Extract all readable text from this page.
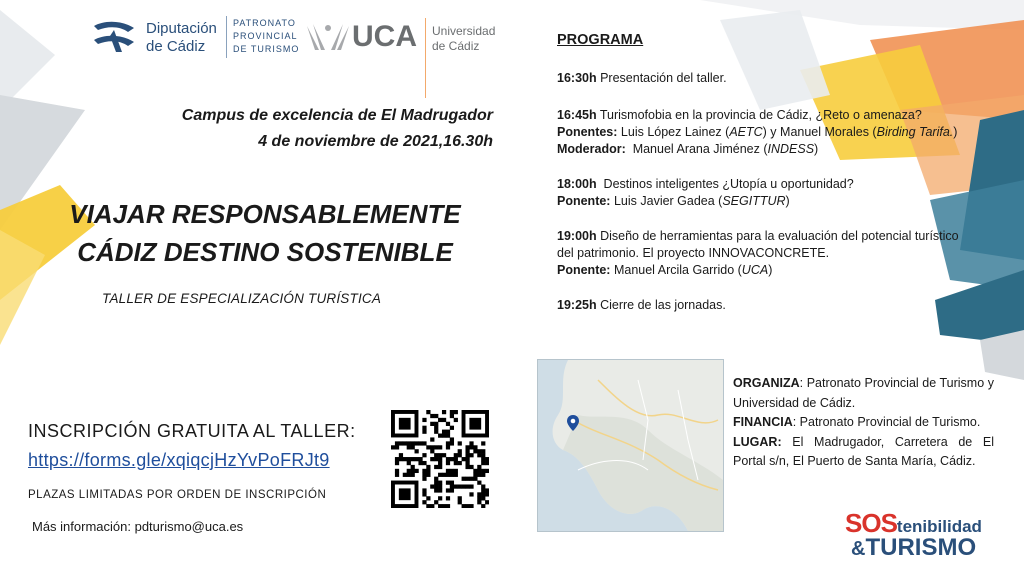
Diputación
de Cádiz
PATRONATO
PROVINCIAL
DE TURISMO UCA Universidad
de Cádiz
Campus de excelencia de El Madrugador
4 de noviembre de 2021,16.30h
VIAJAR RESPONSABLEMENTE
CÁDIZ DESTINO SOSTENIBLE
TALLER DE ESPECIALIZACIÓN TURÍSTICA
INSCRIPCIÓN GRATUITA AL TALLER:
https://forms.gle/xqiqcjHzYvPoFRJt9
PLAZAS LIMITADAS POR ORDEN DE INSCRIPCIÓN
Más información: pdturismo@uca.es
PROGRAMA

16:30h Presentación del taller.

16:45h Turismofobia en la provincia de Cádiz, ¿Reto o amenaza?

Ponentes: Luis López Lainez (AETC) y Manuel Morales (Birding Tarifa.)

Moderador:  Manuel Arana Jiménez (INDESS)

18:00h  Destinos inteligentes ¿Utopía u oportunidad?

Ponente: Luis Javier Gadea (SEGITTUR)

19:00h Diseño de herramientas para la evaluación del potencial turístico

del patrimonio. El proyecto INNOVACONCRETE.

Ponente: Manuel Arcila Garrido (UCA)

19:25h Cierre de las jornadas.

ORGANIZA: Patronato Provincial de Turismo y Universidad de Cádiz.

FINANCIA: Patronato Provincial de Turismo.

LUGAR: El Madrugador, Carretera de El Portal s/n, El Puerto de Santa María, Cádiz.

SOStenibilidad
&TURISMO
